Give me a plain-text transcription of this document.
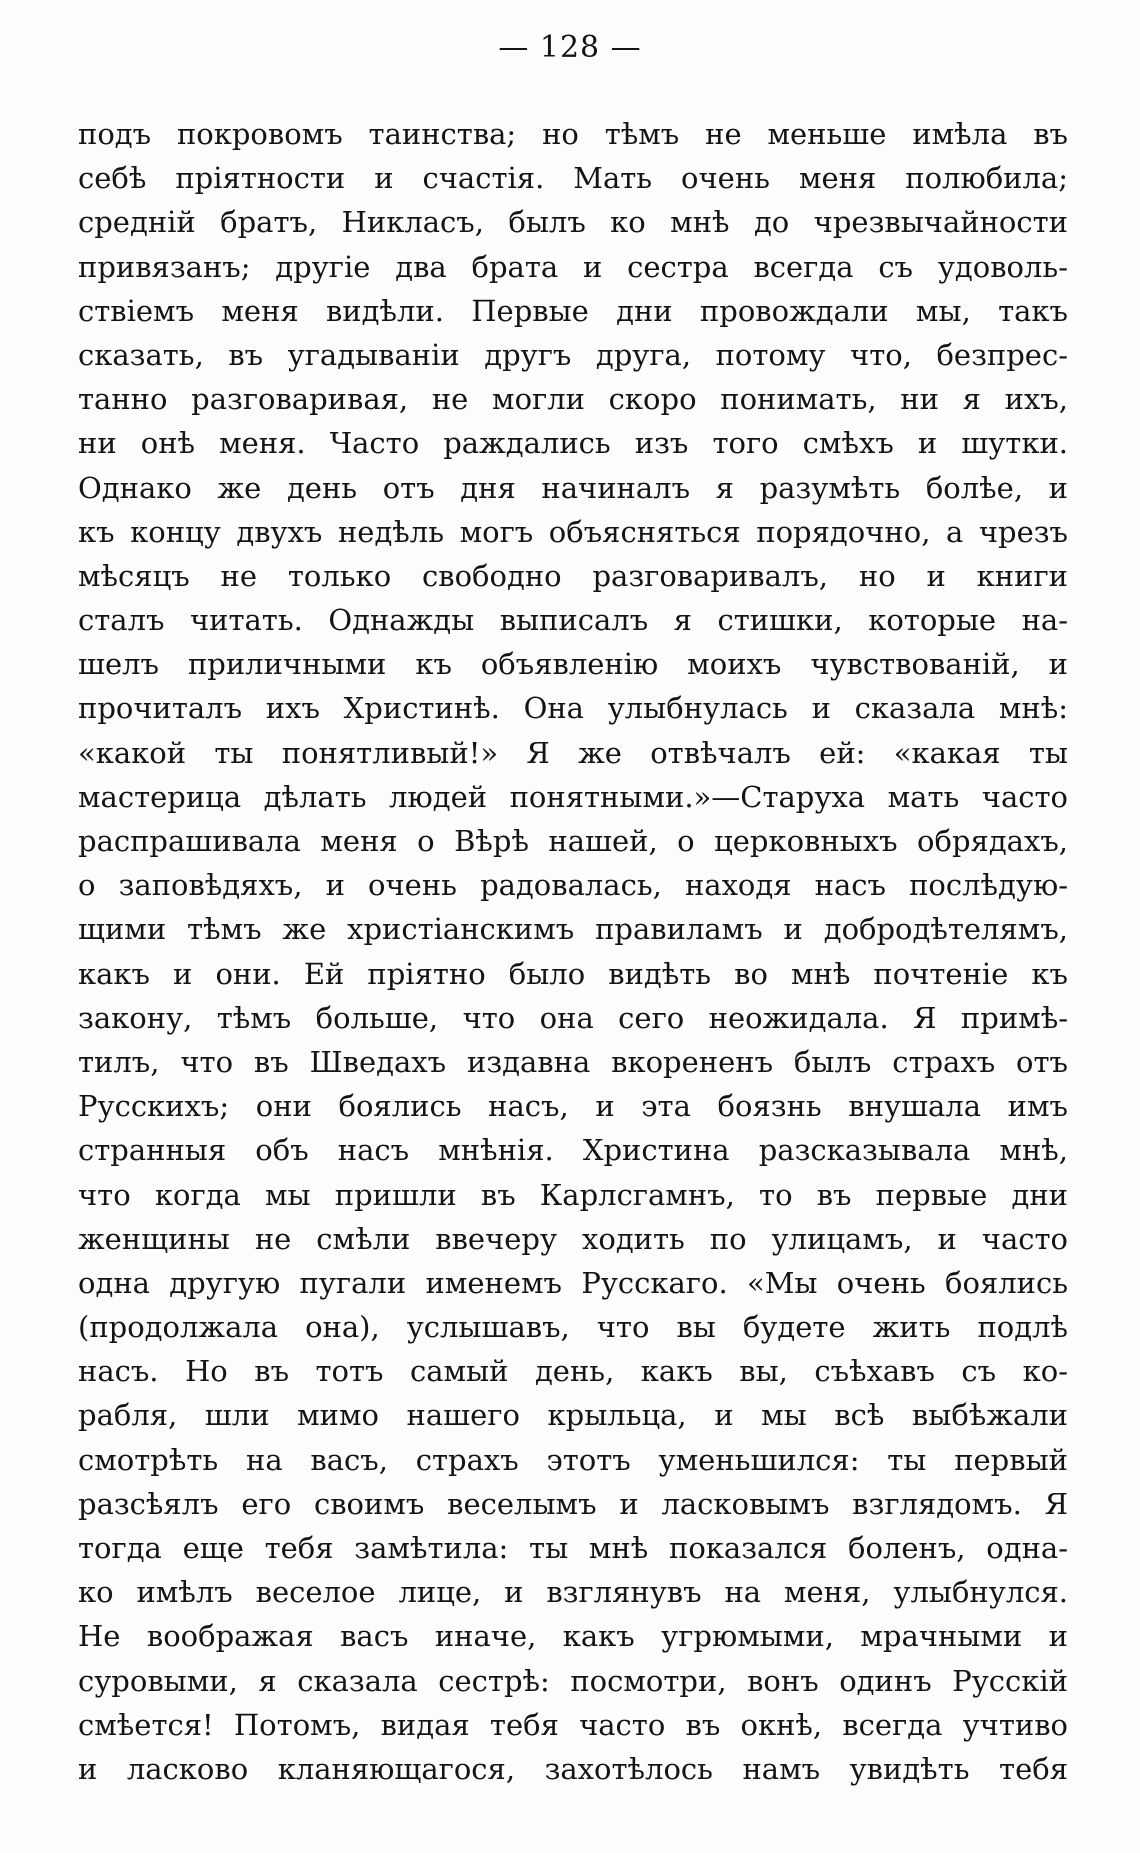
— 128 —
подъ покровомъ таинства; но тѣмъ не меньше имѣла въ
себѣ пріятности и счастія. Мать очень меня полюбила;
средній братъ, Никласъ, былъ ко мнѣ до чрезвычайности
привязанъ; другіе два брата и сестра всегда съ удоволь-
ствіемъ меня видѣли. Первые дни провождали мы, такъ
сказать, въ угадываніи другъ друга, потому что, безпрес-
танно разговаривая, не могли скоро понимать, ни я ихъ,
ни онѣ меня. Часто раждались изъ того смѣхъ и шутки.
Однако же день отъ дня начиналъ я разумѣть болѣе, и
къ концу двухъ недѣль могъ объясняться порядочно, а чрезъ
мѣсяцъ не только свободно разговаривалъ, но и книги
сталъ читать. Однажды выписалъ я стишки, которые на-
шелъ приличными къ объявленію моихъ чувствованій, и
прочиталъ ихъ Христинѣ. Она улыбнулась и сказала мнѣ:
«какой ты понятливый!» Я же отвѣчалъ ей: «какая ты
мастерица дѣлать людей понятными.»—Старуха мать часто
распрашивала меня о Вѣрѣ нашей, о церковныхъ обрядахъ,
о заповѣдяхъ, и очень радовалась, находя насъ послѣдую-
щими тѣмъ же христіанскимъ правиламъ и добродѣтелямъ,
какъ и они. Ей пріятно было видѣть во мнѣ почтеніе къ
закону, тѣмъ больше, что она сего неожидала. Я примѣ-
тилъ, что въ Шведахъ издавна вкорененъ былъ страхъ отъ
Русскихъ; они боялись насъ, и эта боязнь внушала имъ
странныя объ насъ мнѣнія. Христина разсказывала мнѣ,
что когда мы пришли въ Карлсгамнъ, то въ первые дни
женщины не смѣли ввечеру ходить по улицамъ, и часто
одна другую пугали именемъ Русскаго. «Мы очень боялись
(продолжала она), услышавъ, что вы будете жить подлѣ
насъ. Но въ тотъ самый день, какъ вы, съѣхавъ съ ко-
рабля, шли мимо нашего крыльца, и мы всѣ выбѣжали
смотрѣть на васъ, страхъ этотъ уменьшился: ты первый
разсѣялъ его своимъ веселымъ и ласковымъ взглядомъ. Я
тогда еще тебя замѣтила: ты мнѣ показался боленъ, одна-
ко имѣлъ веселое лице, и взглянувъ на меня, улыбнулся.
Не воображая васъ иначе, какъ угрюмыми, мрачными и
суровыми, я сказала сестрѣ: посмотри, вонъ одинъ Русскій
смѣется! Потомъ, видая тебя часто въ окнѣ, всегда учтиво
и ласково кланяющагося, захотѣлось намъ увидѣть тебя
